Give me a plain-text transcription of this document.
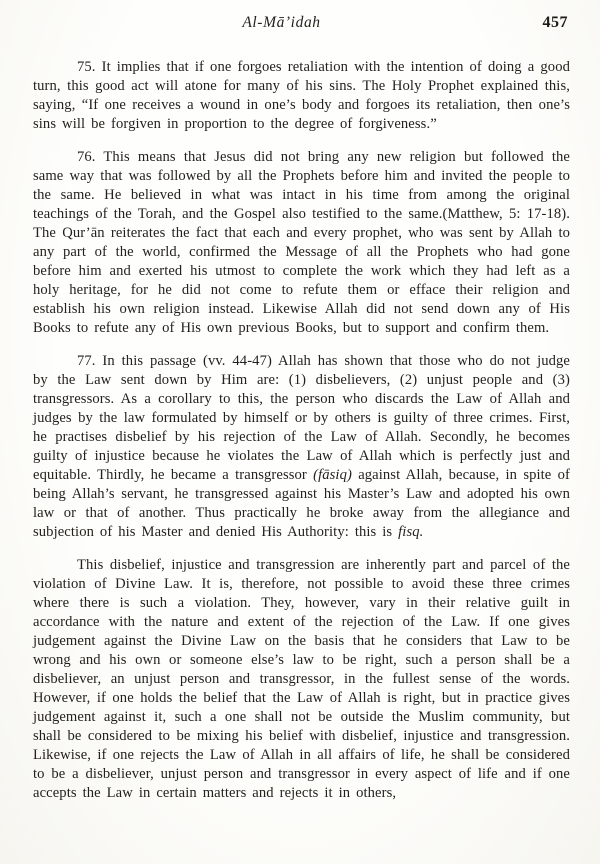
Al-Mā’idah	457

75. It implies that if one forgoes retaliation with the intention of doing a good turn, this good act will atone for many of his sins. The Holy Prophet explained this, saying, “If one receives a wound in one’s body and forgoes its retaliation, then one’s sins will be forgiven in proportion to the degree of forgiveness.”

76. This means that Jesus did not bring any new religion but followed the same way that was followed by all the Prophets before him and invited the people to the same. He believed in what was intact in his time from among the original teachings of the Torah, and the Gospel also testified to the same.(Matthew, 5: 17-18). The Qur’ān reiterates the fact that each and every prophet, who was sent by Allah to any part of the world, confirmed the Message of all the Prophets who had gone before him and exerted his utmost to complete the work which they had left as a holy heritage, for he did not come to refute them or efface their religion and establish his own religion instead. Likewise Allah did not send down any of His Books to refute any of His own previous Books, but to support and confirm them.

77. In this passage (vv. 44-47) Allah has shown that those who do not judge by the Law sent down by Him are: (1) disbelievers, (2) unjust people and (3) transgressors. As a corollary to this, the person who discards the Law of Allah and judges by the law formulated by himself or by others is guilty of three crimes. First, he practises disbelief by his rejection of the Law of Allah. Secondly, he becomes guilty of injustice because he violates the Law of Allah which is perfectly just and equitable. Thirdly, he became a transgressor (fāsiq) against Allah, because, in spite of being Allah’s servant, he transgressed against his Master’s Law and adopted his own law or that of another. Thus practically he broke away from the allegiance and subjection of his Master and denied His Authority: this is fisq.

This disbelief, injustice and transgression are inherently part and parcel of the violation of Divine Law. It is, therefore, not possible to avoid these three crimes where there is such a violation. They, however, vary in their relative guilt in accordance with the nature and extent of the rejection of the Law. If one gives judgement against the Divine Law on the basis that he considers that Law to be wrong and his own or someone else’s law to be right, such a person shall be a disbeliever, an unjust person and transgressor, in the fullest sense of the words. However, if one holds the belief that the Law of Allah is right, but in practice gives judgement against it, such a one shall not be outside the Muslim community, but shall be considered to be mixing his belief with disbelief, injustice and transgression. Likewise, if one rejects the Law of Allah in all affairs of life, he shall be considered to be a disbeliever, unjust person and transgressor in every aspect of life and if one accepts the Law in certain matters and rejects it in others,
